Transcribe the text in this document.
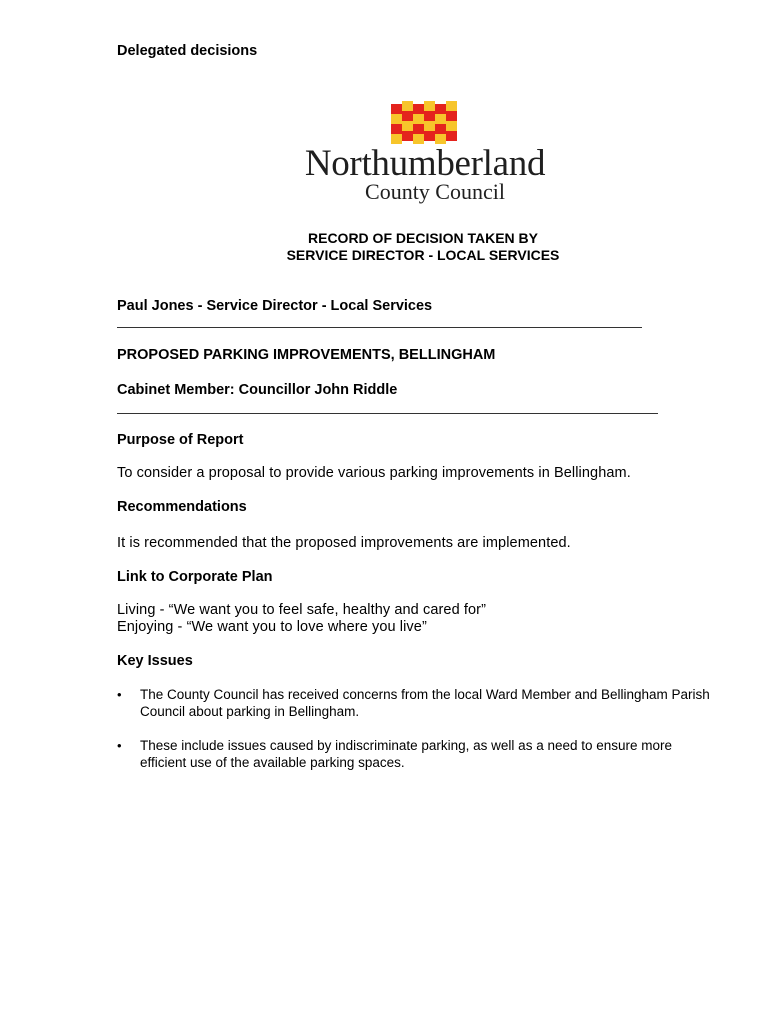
Delegated decisions
Northumberland
County Council
RECORD OF DECISION TAKEN BY
SERVICE DIRECTOR - LOCAL SERVICES
Paul Jones - Service Director - Local Services
PROPOSED PARKING IMPROVEMENTS, BELLINGHAM
Cabinet Member: Councillor John Riddle
Purpose of Report
To consider a proposal to provide various parking improvements in Bellingham.
Recommendations
It is recommended that the proposed improvements are implemented.
Link to Corporate Plan
Living - “We want you to feel safe, healthy and cared for”
Enjoying - “We want you to love where you live”
Key Issues
• The County Council has received concerns from the local Ward Member and Bellingham Parish Council about parking in Bellingham.
• These include issues caused by indiscriminate parking, as well as a need to ensure more efficient use of the available parking spaces.
